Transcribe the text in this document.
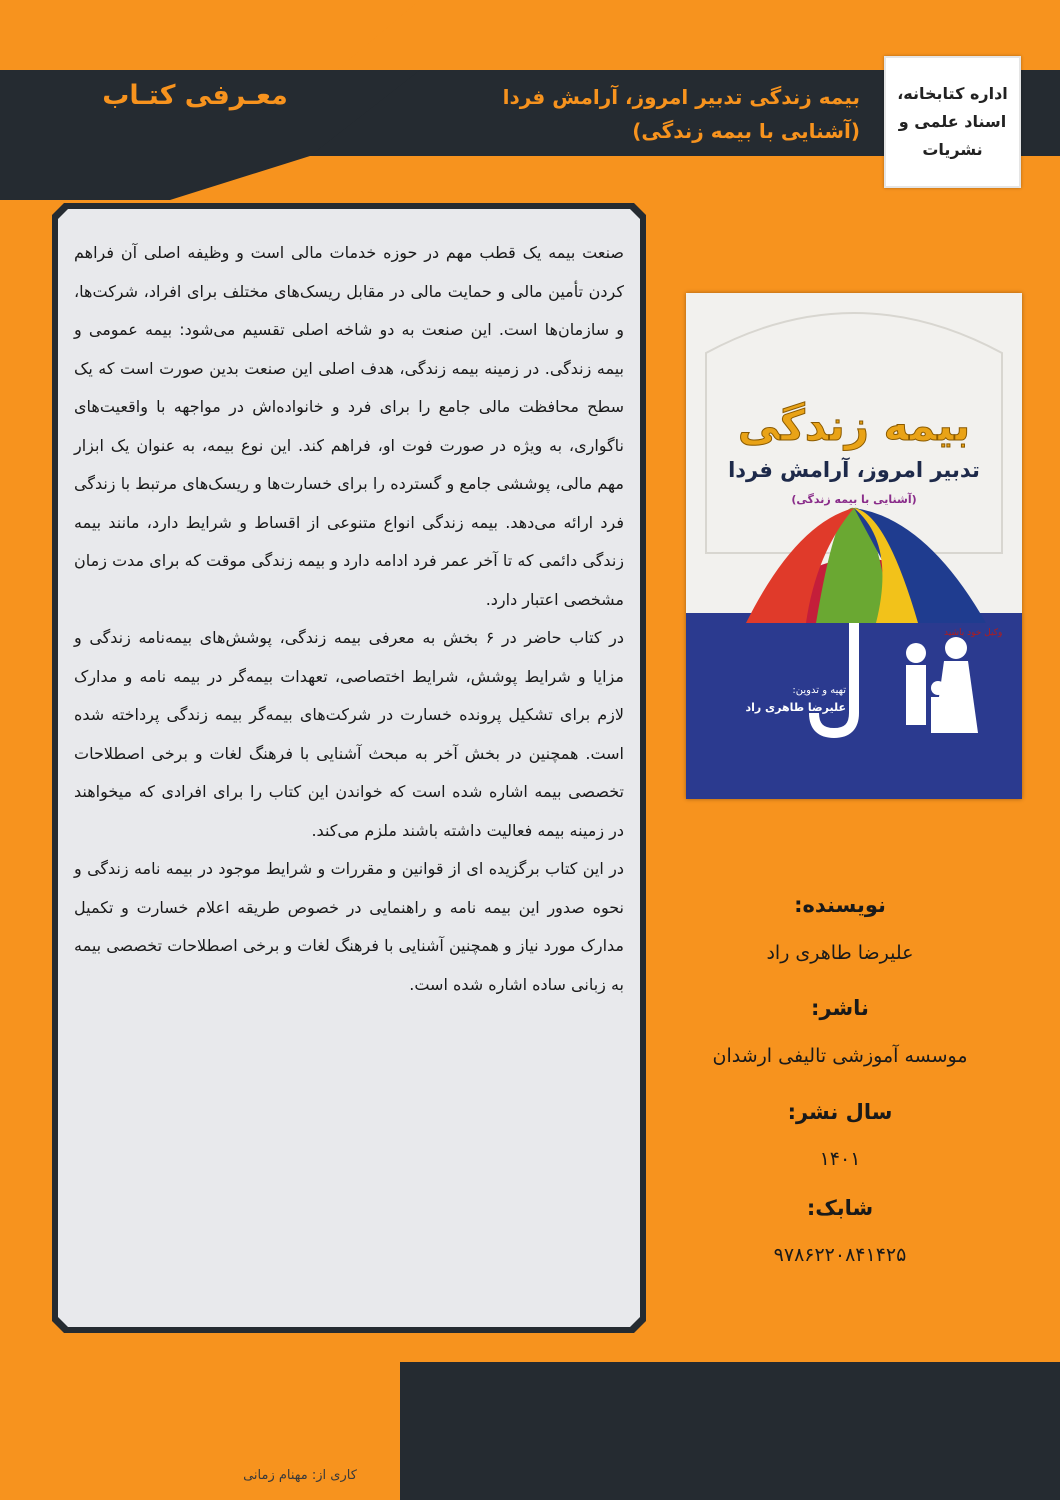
معـرفی کتـاب	بیمه زندگی تدبیر امروز، آرامش فردا
(آشنایی با بیمه زندگی)
اداره کتابخانه،
اسناد علمی و
نشریات

صنعت بیمه یک قطب مهم در حوزه خدمات مالی است و وظیفه اصلی آن فراهم کردن تأمین مالی و حمایت مالی در مقابل ریسک‌های مختلف برای افراد، شرکت‌ها، و سازمان‌ها است. این صنعت به دو شاخه اصلی تقسیم می‌شود: بیمه عمومی و بیمه زندگی. در زمینه بیمه زندگی، هدف اصلی این صنعت بدین صورت است که یک سطح محافظت مالی جامع را برای فرد و خانواده‌اش در مواجهه با واقعیت‌های ناگواری، به ویژه در صورت فوت او، فراهم کند. این نوع بیمه، به عنوان یک ابزار مهم مالی، پوششی جامع و گسترده را برای خسارت‌ها و ریسک‌های مرتبط با زندگی فرد ارائه می‌دهد. بیمه زندگی انواع متنوعی از اقساط و شرایط دارد، مانند بیمه زندگی دائمی که تا آخر عمر فرد ادامه دارد و بیمه زندگی موقت که برای مدت زمان مشخصی اعتبار دارد.

در کتاب حاضر در ۶ بخش به معرفی بیمه زندگی، پوشش‌های بیمه‌نامه زندگی و مزایا و شرایط پوشش، شرایط اختصاصی، تعهدات بیمه‌گر در بیمه نامه و مدارک لازم برای تشکیل پرونده خسارت در شرکت‌های بیمه‌گر بیمه زندگی پرداخته شده است. همچنین در بخش آخر به مبحث آشنایی با فرهنگ لغات و برخی اصطلاحات تخصصی بیمه اشاره شده است که خواندن این کتاب را برای افرادی که میخواهند در زمینه بیمه فعالیت داشته باشند ملزم می‌کند.

در این کتاب برگزیده ای از قوانین و مقررات و شرایط موجود در بیمه نامه زندگی و نحوه صدور این بیمه نامه و راهنمایی در خصوص طریقه اعلام خسارت و تکمیل مدارک مورد نیاز و همچنین آشنایی با فرهنگ لغات و برخی اصطلاحات تخصصی بیمه به زبانی ساده اشاره شده است.

بیمه زندگی
تدبیر امروز، آرامش فردا
(آشنایی با بیمه زندگی)
وکیل خود باشید
تهیه و تدوین:
علیرضا طاهری راد
نویسنده:
علیرضا طاهری راد
ناشر:
موسسه آموزشی تالیفی ارشدان
سال نشر:
۱۴۰۱
شابک:
۹۷۸۶۲۲۰۸۴۱۴۲۵
کاری از: مهنام زمانی
